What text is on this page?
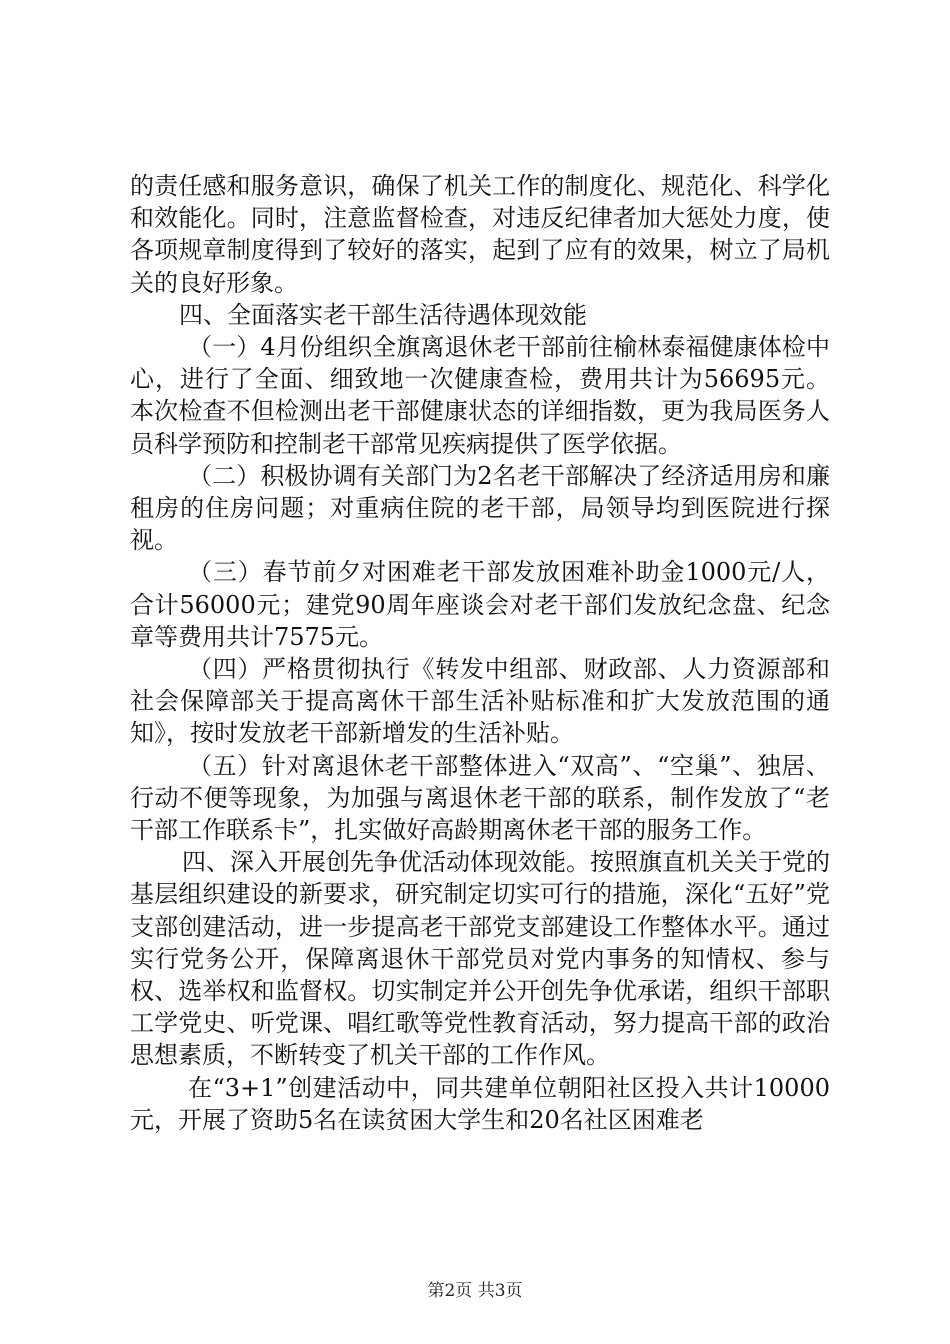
的责任感和服务意识，确保了机关工作的制度化、规范化、科学化和效能化。同时，注意监督检查，对违反纪律者加大惩处力度，使各项规章制度得到了较好的落实，起到了应有的效果，树立了局机关的良好形象。

四、全面落实老干部生活待遇体现效能

（一）4月份组织全旗离退休老干部前往榆林泰福健康体检中心，进行了全面、细致地一次健康查检，费用共计为56695元。本次检查不但检测出老干部健康状态的详细指数，更为我局医务人员科学预防和控制老干部常见疾病提供了医学依据。

（二）积极协调有关部门为2名老干部解决了经济适用房和廉租房的住房问题；对重病住院的老干部，局领导均到医院进行探视。

（三）春节前夕对困难老干部发放困难补助金1000元/人，合计56000元；建党90周年座谈会对老干部们发放纪念盘、纪念章等费用共计7575元。

（四）严格贯彻执行《转发中组部、财政部、人力资源部和社会保障部关于提高离休干部生活补贴标准和扩大发放范围的通知》，按时发放老干部新增发的生活补贴。

（五）针对离退休老干部整体进入“双高”、“空巢”、独居、行动不便等现象，为加强与离退休老干部的联系，制作发放了“老干部工作联系卡”，扎实做好高龄期离休老干部的服务工作。

四、深入开展创先争优活动体现效能。按照旗直机关关于党的基层组织建设的新要求，研究制定切实可行的措施，深化“五好”党支部创建活动，进一步提高老干部党支部建设工作整体水平。通过实行党务公开，保障离退休干部党员对党内事务的知情权、参与权、选举权和监督权。切实制定并公开创先争优承诺，组织干部职工学党史、听党课、唱红歌等党性教育活动，努力提高干部的政治思想素质，不断转变了机关干部的工作作风。

在“3+1”创建活动中，同共建单位朝阳社区投入共计10000元，开展了资助5名在读贫困大学生和20名社区困难老

第2页 共3页
